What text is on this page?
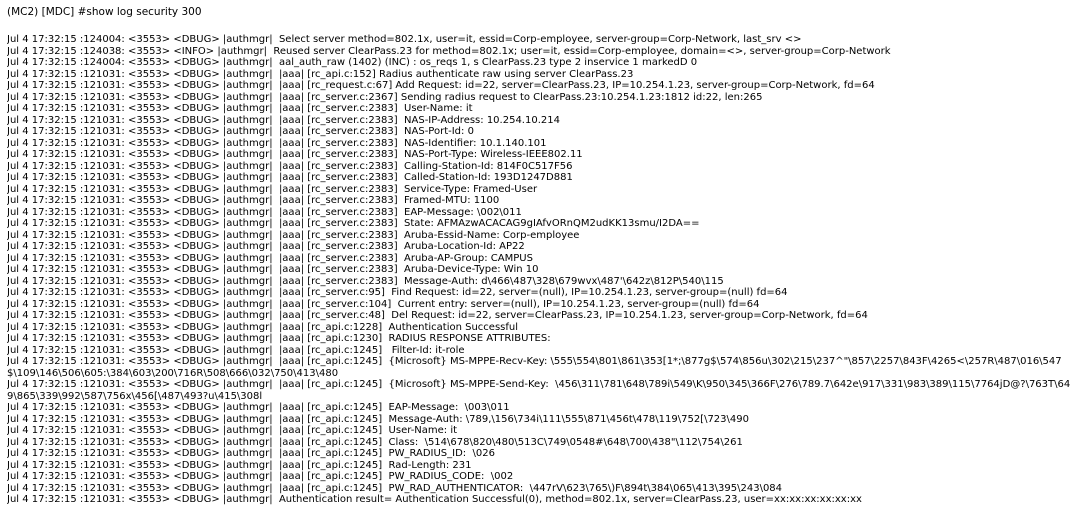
(MC2) [MDC] #show log security 300
Jul 4 17:32:15 :124004: <3553> <DBUG> |authmgr|  Select server method=802.1x, user=it, essid=Corp-employee, server-group=Corp-Network, last_srv <>
Jul 4 17:32:15 :124038: <3553> <INFO> |authmgr|  Reused server ClearPass.23 for method=802.1x; user=it, essid=Corp-employee, domain=<>, server-group=Corp-Network
Jul 4 17:32:15 :124004: <3553> <DBUG> |authmgr|  aal_auth_raw (1402) (INC) : os_reqs 1, s ClearPass.23 type 2 inservice 1 markedD 0
Jul 4 17:32:15 :121031: <3553> <DBUG> |authmgr|  |aaa| [rc_api.c:152] Radius authenticate raw using server ClearPass.23
Jul 4 17:32:15 :121031: <3553> <DBUG> |authmgr|  |aaa| [rc_request.c:67] Add Request: id=22, server=ClearPass.23, IP=10.254.1.23, server-group=Corp-Network, fd=64
Jul 4 17:32:15 :121031: <3553> <DBUG> |authmgr|  |aaa| [rc_server.c:2367] Sending radius request to ClearPass.23:10.254.1.23:1812 id:22, len:265
Jul 4 17:32:15 :121031: <3553> <DBUG> |authmgr|  |aaa| [rc_server.c:2383]  User-Name: it
Jul 4 17:32:15 :121031: <3553> <DBUG> |authmgr|  |aaa| [rc_server.c:2383]  NAS-IP-Address: 10.254.10.214
Jul 4 17:32:15 :121031: <3553> <DBUG> |authmgr|  |aaa| [rc_server.c:2383]  NAS-Port-Id: 0
Jul 4 17:32:15 :121031: <3553> <DBUG> |authmgr|  |aaa| [rc_server.c:2383]  NAS-Identifier: 10.1.140.101
Jul 4 17:32:15 :121031: <3553> <DBUG> |authmgr|  |aaa| [rc_server.c:2383]  NAS-Port-Type: Wireless-IEEE802.11
Jul 4 17:32:15 :121031: <3553> <DBUG> |authmgr|  |aaa| [rc_server.c:2383]  Calling-Station-Id: 814F0C517F56
Jul 4 17:32:15 :121031: <3553> <DBUG> |authmgr|  |aaa| [rc_server.c:2383]  Called-Station-Id: 193D1247D881
Jul 4 17:32:15 :121031: <3553> <DBUG> |authmgr|  |aaa| [rc_server.c:2383]  Service-Type: Framed-User
Jul 4 17:32:15 :121031: <3553> <DBUG> |authmgr|  |aaa| [rc_server.c:2383]  Framed-MTU: 1100
Jul 4 17:32:15 :121031: <3553> <DBUG> |authmgr|  |aaa| [rc_server.c:2383]  EAP-Message: \002\011
Jul 4 17:32:15 :121031: <3553> <DBUG> |authmgr|  |aaa| [rc_server.c:2383]  State: AFMAzwACACAG9gIAfvORnQM2udKK13smu/I2DA==
Jul 4 17:32:15 :121031: <3553> <DBUG> |authmgr|  |aaa| [rc_server.c:2383]  Aruba-Essid-Name: Corp-employee
Jul 4 17:32:15 :121031: <3553> <DBUG> |authmgr|  |aaa| [rc_server.c:2383]  Aruba-Location-Id: AP22
Jul 4 17:32:15 :121031: <3553> <DBUG> |authmgr|  |aaa| [rc_server.c:2383]  Aruba-AP-Group: CAMPUS
Jul 4 17:32:15 :121031: <3553> <DBUG> |authmgr|  |aaa| [rc_server.c:2383]  Aruba-Device-Type: Win 10
Jul 4 17:32:15 :121031: <3553> <DBUG> |authmgr|  |aaa| [rc_server.c:2383]  Message-Auth: d\466\487\328\679wvx\487'\642z\812P\540\115
Jul 4 17:32:15 :121031: <3553> <DBUG> |authmgr|  |aaa| [rc_server.c:95]  Find Request: id=22, server=(null), IP=10.254.1.23, server-group=(null) fd=64
Jul 4 17:32:15 :121031: <3553> <DBUG> |authmgr|  |aaa| [rc_server.c:104]  Current entry: server=(null), IP=10.254.1.23, server-group=(null) fd=64
Jul 4 17:32:15 :121031: <3553> <DBUG> |authmgr|  |aaa| [rc_server.c:48]  Del Request: id=22, server=ClearPass.23, IP=10.254.1.23, server-group=Corp-Network, fd=64
Jul 4 17:32:15 :121031: <3553> <DBUG> |authmgr|  |aaa| [rc_api.c:1228]  Authentication Successful
Jul 4 17:32:15 :121031: <3553> <DBUG> |authmgr|  |aaa| [rc_api.c:1230]  RADIUS RESPONSE ATTRIBUTES:
Jul 4 17:32:15 :121031: <3553> <DBUG> |authmgr|  |aaa| [rc_api.c:1245]   Filter-Id: it-role
Jul 4 17:32:15 :121031: <3553> <DBUG> |authmgr|  |aaa| [rc_api.c:1245]  {Microsoft} MS-MPPE-Recv-Key: \555\554\801\861\353[1*;\877g$\574\856u\302\215\237^"\857\2257\843F\4265<\257R\487\016\547$\109\146\506\605:\384\603\200\716R\508\666\032\750\413\480
Jul 4 17:32:15 :121031: <3553> <DBUG> |authmgr|  |aaa| [rc_api.c:1245]  {Microsoft} MS-MPPE-Send-Key:  \456\311\781\648\789i\549\K\950\345\366F\276\789.7\642e\917\331\983\389\115\7764jD@?\763T\649\865\339\992\587\756x\456[\487\493?u\415\308l
Jul 4 17:32:15 :121031: <3553> <DBUG> |authmgr|  |aaa| [rc_api.c:1245]  EAP-Message:  \003\011
Jul 4 17:32:15 :121031: <3553> <DBUG> |authmgr|  |aaa| [rc_api.c:1245]  Message-Auth: \789,\156\734i\111\555\871\456t\478\119\752[\723\490
Jul 4 17:32:15 :121031: <3553> <DBUG> |authmgr|  |aaa| [rc_api.c:1245]  User-Name: it
Jul 4 17:32:15 :121031: <3553> <DBUG> |authmgr|  |aaa| [rc_api.c:1245]  Class:  \514\678\820\480\513C\749\0548#\648\700\438"\112\754\261
Jul 4 17:32:15 :121031: <3553> <DBUG> |authmgr|  |aaa| [rc_api.c:1245]  PW_RADIUS_ID:  \026
Jul 4 17:32:15 :121031: <3553> <DBUG> |authmgr|  |aaa| [rc_api.c:1245]  Rad-Length: 231
Jul 4 17:32:15 :121031: <3553> <DBUG> |authmgr|  |aaa| [rc_api.c:1245]  PW_RADIUS_CODE:  \002
Jul 4 17:32:15 :121031: <3553> <DBUG> |authmgr|  |aaa| [rc_api.c:1245]  PW_RAD_AUTHENTICATOR:  \447rV\623\765\)F\894t\384\065\413\395\243\084
Jul 4 17:32:15 :121031: <3553> <DBUG> |authmgr|  Authentication result= Authentication Successful(0), method=802.1x, server=ClearPass.23, user=xx:xx:xx:xx:xx:xx
